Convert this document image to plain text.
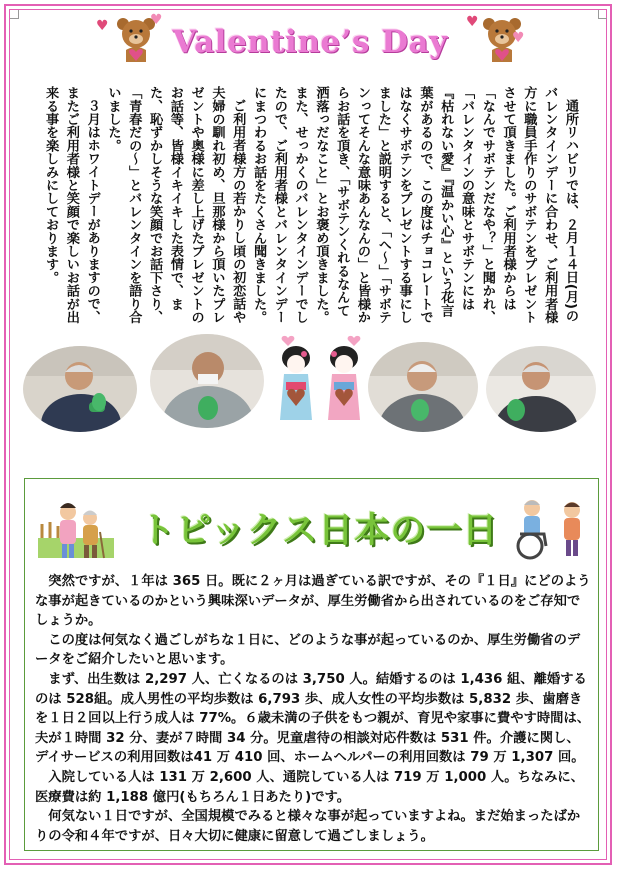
♥	♥
Valentine’s Day
♥
♥

通所リハビリでは、２月１４日(月)のバレンタインデーに合わせ、ご利用者様方に職員手作りのサボテンをプレゼントさせて頂きました。ご利用者様からは「なんでサボテンだなや？」と聞かれ、「バレンタインの意味とサボテンには『枯れない愛』『温かい心』という花言葉があるので、この度はチョコレートではなくサボテンをプレゼントする事にしました」と説明すると、「へ～」「サボテンってそんな意味あんなんの」と皆様からお話を頂き、「サボテンくれるなんて洒落っだなこと」とお褒め頂きました。また、せっかくのバレンタインデーでしたので、ご利用者様とバレンタインデーにまつわるお話をたくさん聞きました。

ご利用者様方の若かりし頃の初恋話や夫婦の馴れ初め、旦那様から頂いたプレゼントや奥様に差し上げたプレゼントのお話等、皆様イキイキした表情で、また、恥ずかしそうな笑顔でお話下さり、「青春だの～」とバレンタインを語り合いました。

３月はホワイトデーがありますので、またご利用者様と笑顔で楽しいお話が出来る事を楽しみにしております。

トピックス日本の一日

突然ですが、１年は 365 日。既に２ヶ月は過ぎている訳ですが、その『１日』にどのような事が起きているのかという興味深いデータが、厚生労働省から出されているのをご存知でしょうか。

この度は何気なく過ごしがちな１日に、どのような事が起っているのか、厚生労働省のデータをご紹介したいと思います。

まず、出生数は 2,297 人、亡くなるのは 3,750 人。結婚するのは 1,436 組、離婚するのは 528組。成人男性の平均歩数は 6,793 歩、成人女性の平均歩数は 5,832 歩、歯磨きを１日２回以上行う成人は 77%。６歳未満の子供をもつ親が、育児や家事に費やす時間は、夫が１時間 32 分、妻が７時間 34 分。児童虐待の相談対応件数は 531 件。介護に関し、デイサービスの利用回数は41 万 410 回、ホームヘルパーの利用回数は 79 万 1,307 回。

入院している人は 131 万 2,600 人、通院している人は 719 万 1,000 人。ちなみに、医療費は約 1,188 億円(もちろん１日あたり)です。

何気ない１日ですが、全国規模でみると様々な事が起っていますよね。まだ始まったばかりの令和４年ですが、日々大切に健康に留意して過ごしましょう。
